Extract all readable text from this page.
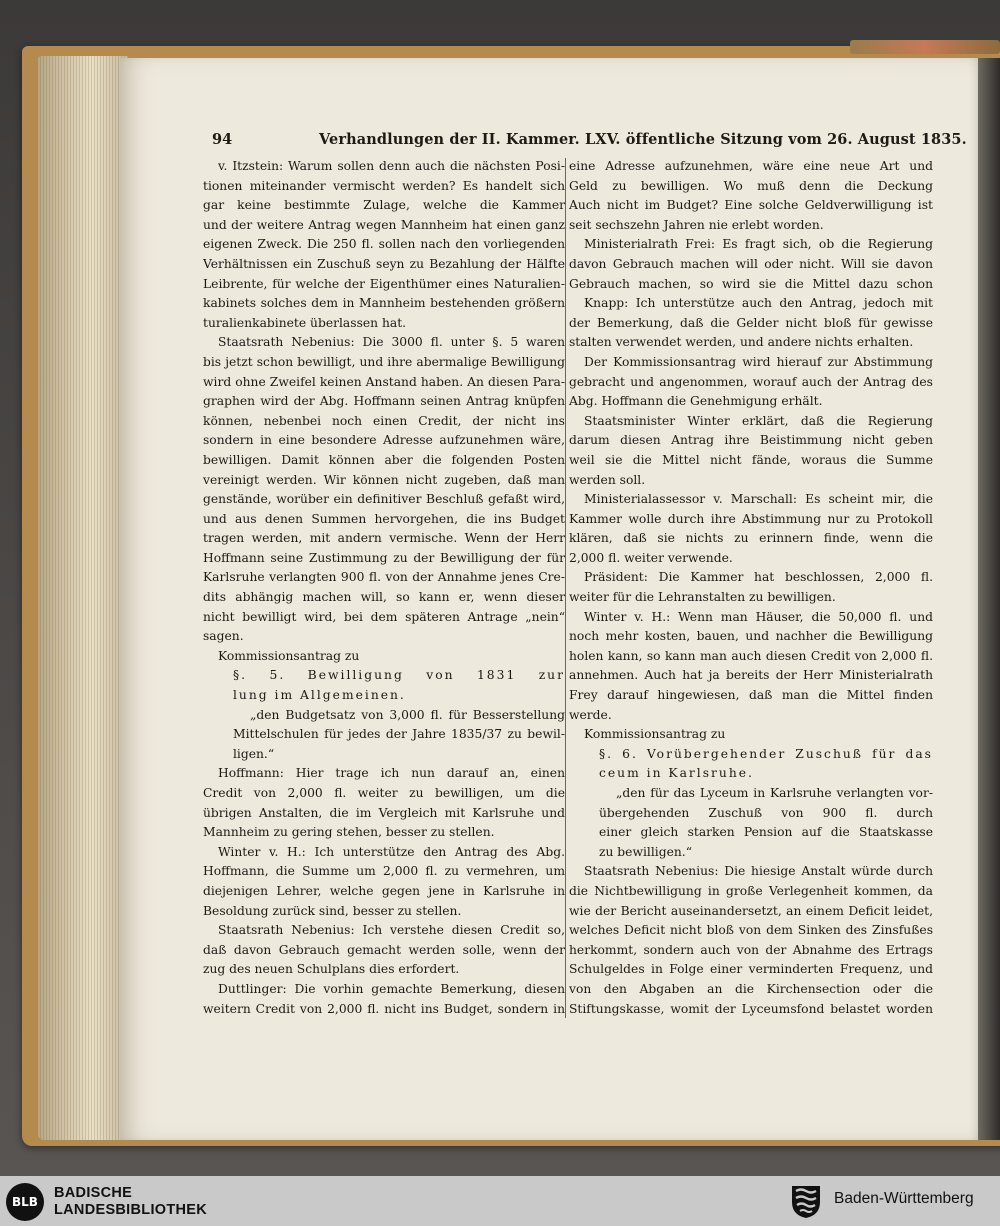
94	Verhandlungen der II. Kammer. LXV. öffentliche Sitzung vom 26. August 1835.
v. Itzstein: Warum sollen denn auch die nächsten Posi-
tionen miteinander vermischt werden? Es handelt sich
gar keine bestimmte Zulage, welche die Kammer
und der weitere Antrag wegen Mannheim hat einen ganz
eigenen Zweck. Die 250 fl. sollen nach den vorliegenden
Verhältnissen ein Zuschuß seyn zu Bezahlung der Hälfte
Leibrente, für welche der Eigenthümer eines Naturalien-
kabinets solches dem in Mannheim bestehenden größern
turalienkabinete überlassen hat.
Staatsrath Nebenius: Die 3000 fl. unter §. 5 waren
bis jetzt schon bewilligt, und ihre abermalige Bewilligung
wird ohne Zweifel keinen Anstand haben. An diesen Para-
graphen wird der Abg. Hoffmann seinen Antrag knüpfen
können, nebenbei noch einen Credit, der nicht ins
sondern in eine besondere Adresse aufzunehmen wäre,
bewilligen. Damit können aber die folgenden Posten
vereinigt werden. Wir können nicht zugeben, daß man
genstände, worüber ein definitiver Beschluß gefaßt wird,
und aus denen Summen hervorgehen, die ins Budget
tragen werden, mit andern vermische. Wenn der Herr
Hoffmann seine Zustimmung zu der Bewilligung der für
Karlsruhe verlangten 900 fl. von der Annahme jenes Cre-
dits abhängig machen will, so kann er, wenn dieser
nicht bewilligt wird, bei dem späteren Antrage „nein“
sagen.
Kommissionsantrag zu
§. 5. Bewilligung von 1831 zur
lung im Allgemeinen.
„den Budgetsatz von 3,000 fl. für Besserstellung
Mittelschulen für jedes der Jahre 1835/37 zu bewil-
ligen.“
Hoffmann: Hier trage ich nun darauf an, einen
Credit von 2,000 fl. weiter zu bewilligen, um die
übrigen Anstalten, die im Vergleich mit Karlsruhe und
Mannheim zu gering stehen, besser zu stellen.
Winter v. H.: Ich unterstütze den Antrag des Abg.
Hoffmann, die Summe um 2,000 fl. zu vermehren, um
diejenigen Lehrer, welche gegen jene in Karlsruhe in
Besoldung zurück sind, besser zu stellen.
Staatsrath Nebenius: Ich verstehe diesen Credit so,
daß davon Gebrauch gemacht werden solle, wenn der
zug des neuen Schulplans dies erfordert.
Duttlinger: Die vorhin gemachte Bemerkung, diesen
weitern Credit von 2,000 fl. nicht ins Budget, sondern in
eine Adresse aufzunehmen, wäre eine neue Art und
Geld zu bewilligen. Wo muß denn die Deckung
Auch nicht im Budget? Eine solche Geldverwilligung ist
seit sechszehn Jahren nie erlebt worden.
Ministerialrath Frei: Es fragt sich, ob die Regierung
davon Gebrauch machen will oder nicht. Will sie davon
Gebrauch machen, so wird sie die Mittel dazu schon
Knapp: Ich unterstütze auch den Antrag, jedoch mit
der Bemerkung, daß die Gelder nicht bloß für gewisse
stalten verwendet werden, und andere nichts erhalten.
Der Kommissionsantrag wird hierauf zur Abstimmung
gebracht und angenommen, worauf auch der Antrag des
Abg. Hoffmann die Genehmigung erhält.
Staatsminister Winter erklärt, daß die Regierung
darum diesen Antrag ihre Beistimmung nicht geben
weil sie die Mittel nicht fände, woraus die Summe
werden soll.
Ministerialassessor v. Marschall: Es scheint mir, die
Kammer wolle durch ihre Abstimmung nur zu Protokoll
klären, daß sie nichts zu erinnern finde, wenn die
2,000 fl. weiter verwende.
Präsident: Die Kammer hat beschlossen, 2,000 fl.
weiter für die Lehranstalten zu bewilligen.
Winter v. H.: Wenn man Häuser, die 50,000 fl. und
noch mehr kosten, bauen, und nachher die Bewilligung
holen kann, so kann man auch diesen Credit von 2,000 fl.
annehmen. Auch hat ja bereits der Herr Ministerialrath
Frey darauf hingewiesen, daß man die Mittel finden
werde.
Kommissionsantrag zu
§. 6. Vorübergehender Zuschuß für das
ceum in Karlsruhe.
„den für das Lyceum in Karlsruhe verlangten vor-
übergehenden Zuschuß von 900 fl. durch
einer gleich starken Pension auf die Staatskasse
zu bewilligen.“
Staatsrath Nebenius: Die hiesige Anstalt würde durch
die Nichtbewilligung in große Verlegenheit kommen, da
wie der Bericht auseinandersetzt, an einem Deficit leidet,
welches Deficit nicht bloß von dem Sinken des Zinsfußes
herkommt, sondern auch von der Abnahme des Ertrags
Schulgeldes in Folge einer verminderten Frequenz, und
von den Abgaben an die Kirchensection oder die
Stiftungskasse, womit der Lyceumsfond belastet worden
BLB
BADISCHE
LANDESBIBLIOTHEK
Baden-Württemberg
